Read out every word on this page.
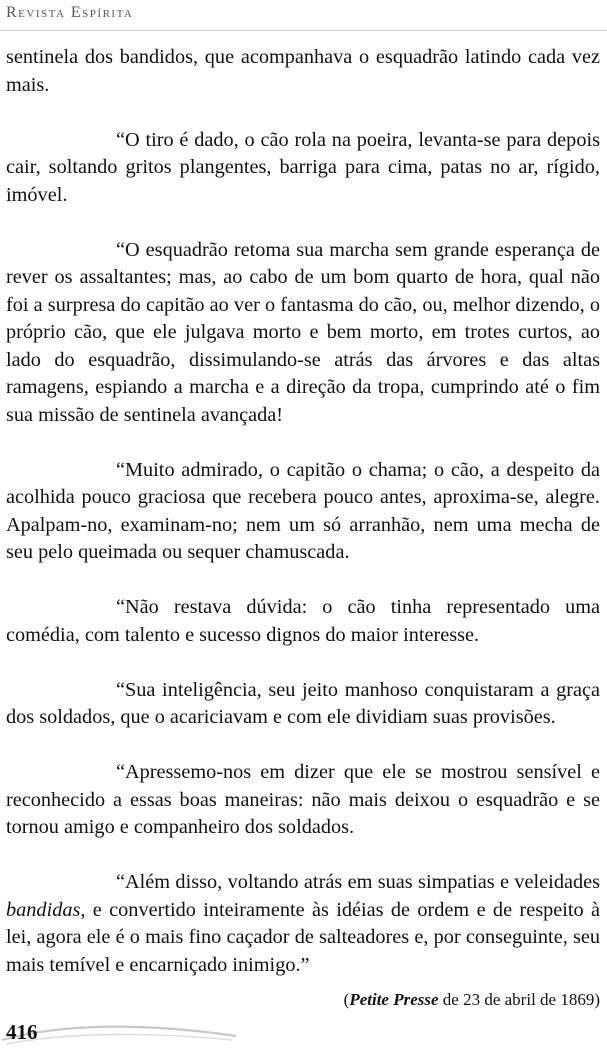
Revista Espírita

sentinela dos bandidos, que acompanhava o esquadrão latindo cada vez mais.

“O tiro é dado, o cão rola na poeira, levanta-se para depois cair, soltando gritos plangentes, barriga para cima, patas no ar, rígido, imóvel.

“O esquadrão retoma sua marcha sem grande esperança de rever os assaltantes; mas, ao cabo de um bom quarto de hora, qual não foi a surpresa do capitão ao ver o fantasma do cão, ou, melhor dizendo, o próprio cão, que ele julgava morto e bem morto, em trotes curtos, ao lado do esquadrão, dissimulando-se atrás das árvores e das altas ramagens, espiando a marcha e a direção da tropa, cumprindo até o fim sua missão de sentinela avançada!

“Muito admirado, o capitão o chama; o cão, a despeito da acolhida pouco graciosa que recebera pouco antes, aproxima-se, alegre. Apalpam-no, examinam-no; nem um só arranhão, nem uma mecha de seu pelo queimada ou sequer chamuscada.

“Não restava dúvida: o cão tinha representado uma comédia, com talento e sucesso dignos do maior interesse.

“Sua inteligência, seu jeito manhoso conquistaram a graça dos soldados, que o acariciavam e com ele dividiam suas provisões.

“Apressemo-nos em dizer que ele se mostrou sensível e reconhecido a essas boas maneiras: não mais deixou o esquadrão e se tornou amigo e companheiro dos soldados.

“Além disso, voltando atrás em suas simpatias e veleidades bandidas, e convertido inteiramente às idéias de ordem e de respeito à lei, agora ele é o mais fino caçador de salteadores e, por conseguinte, seu mais temível e encarniçado inimigo.”

(Petite Presse de 23 de abril de 1869)
416
